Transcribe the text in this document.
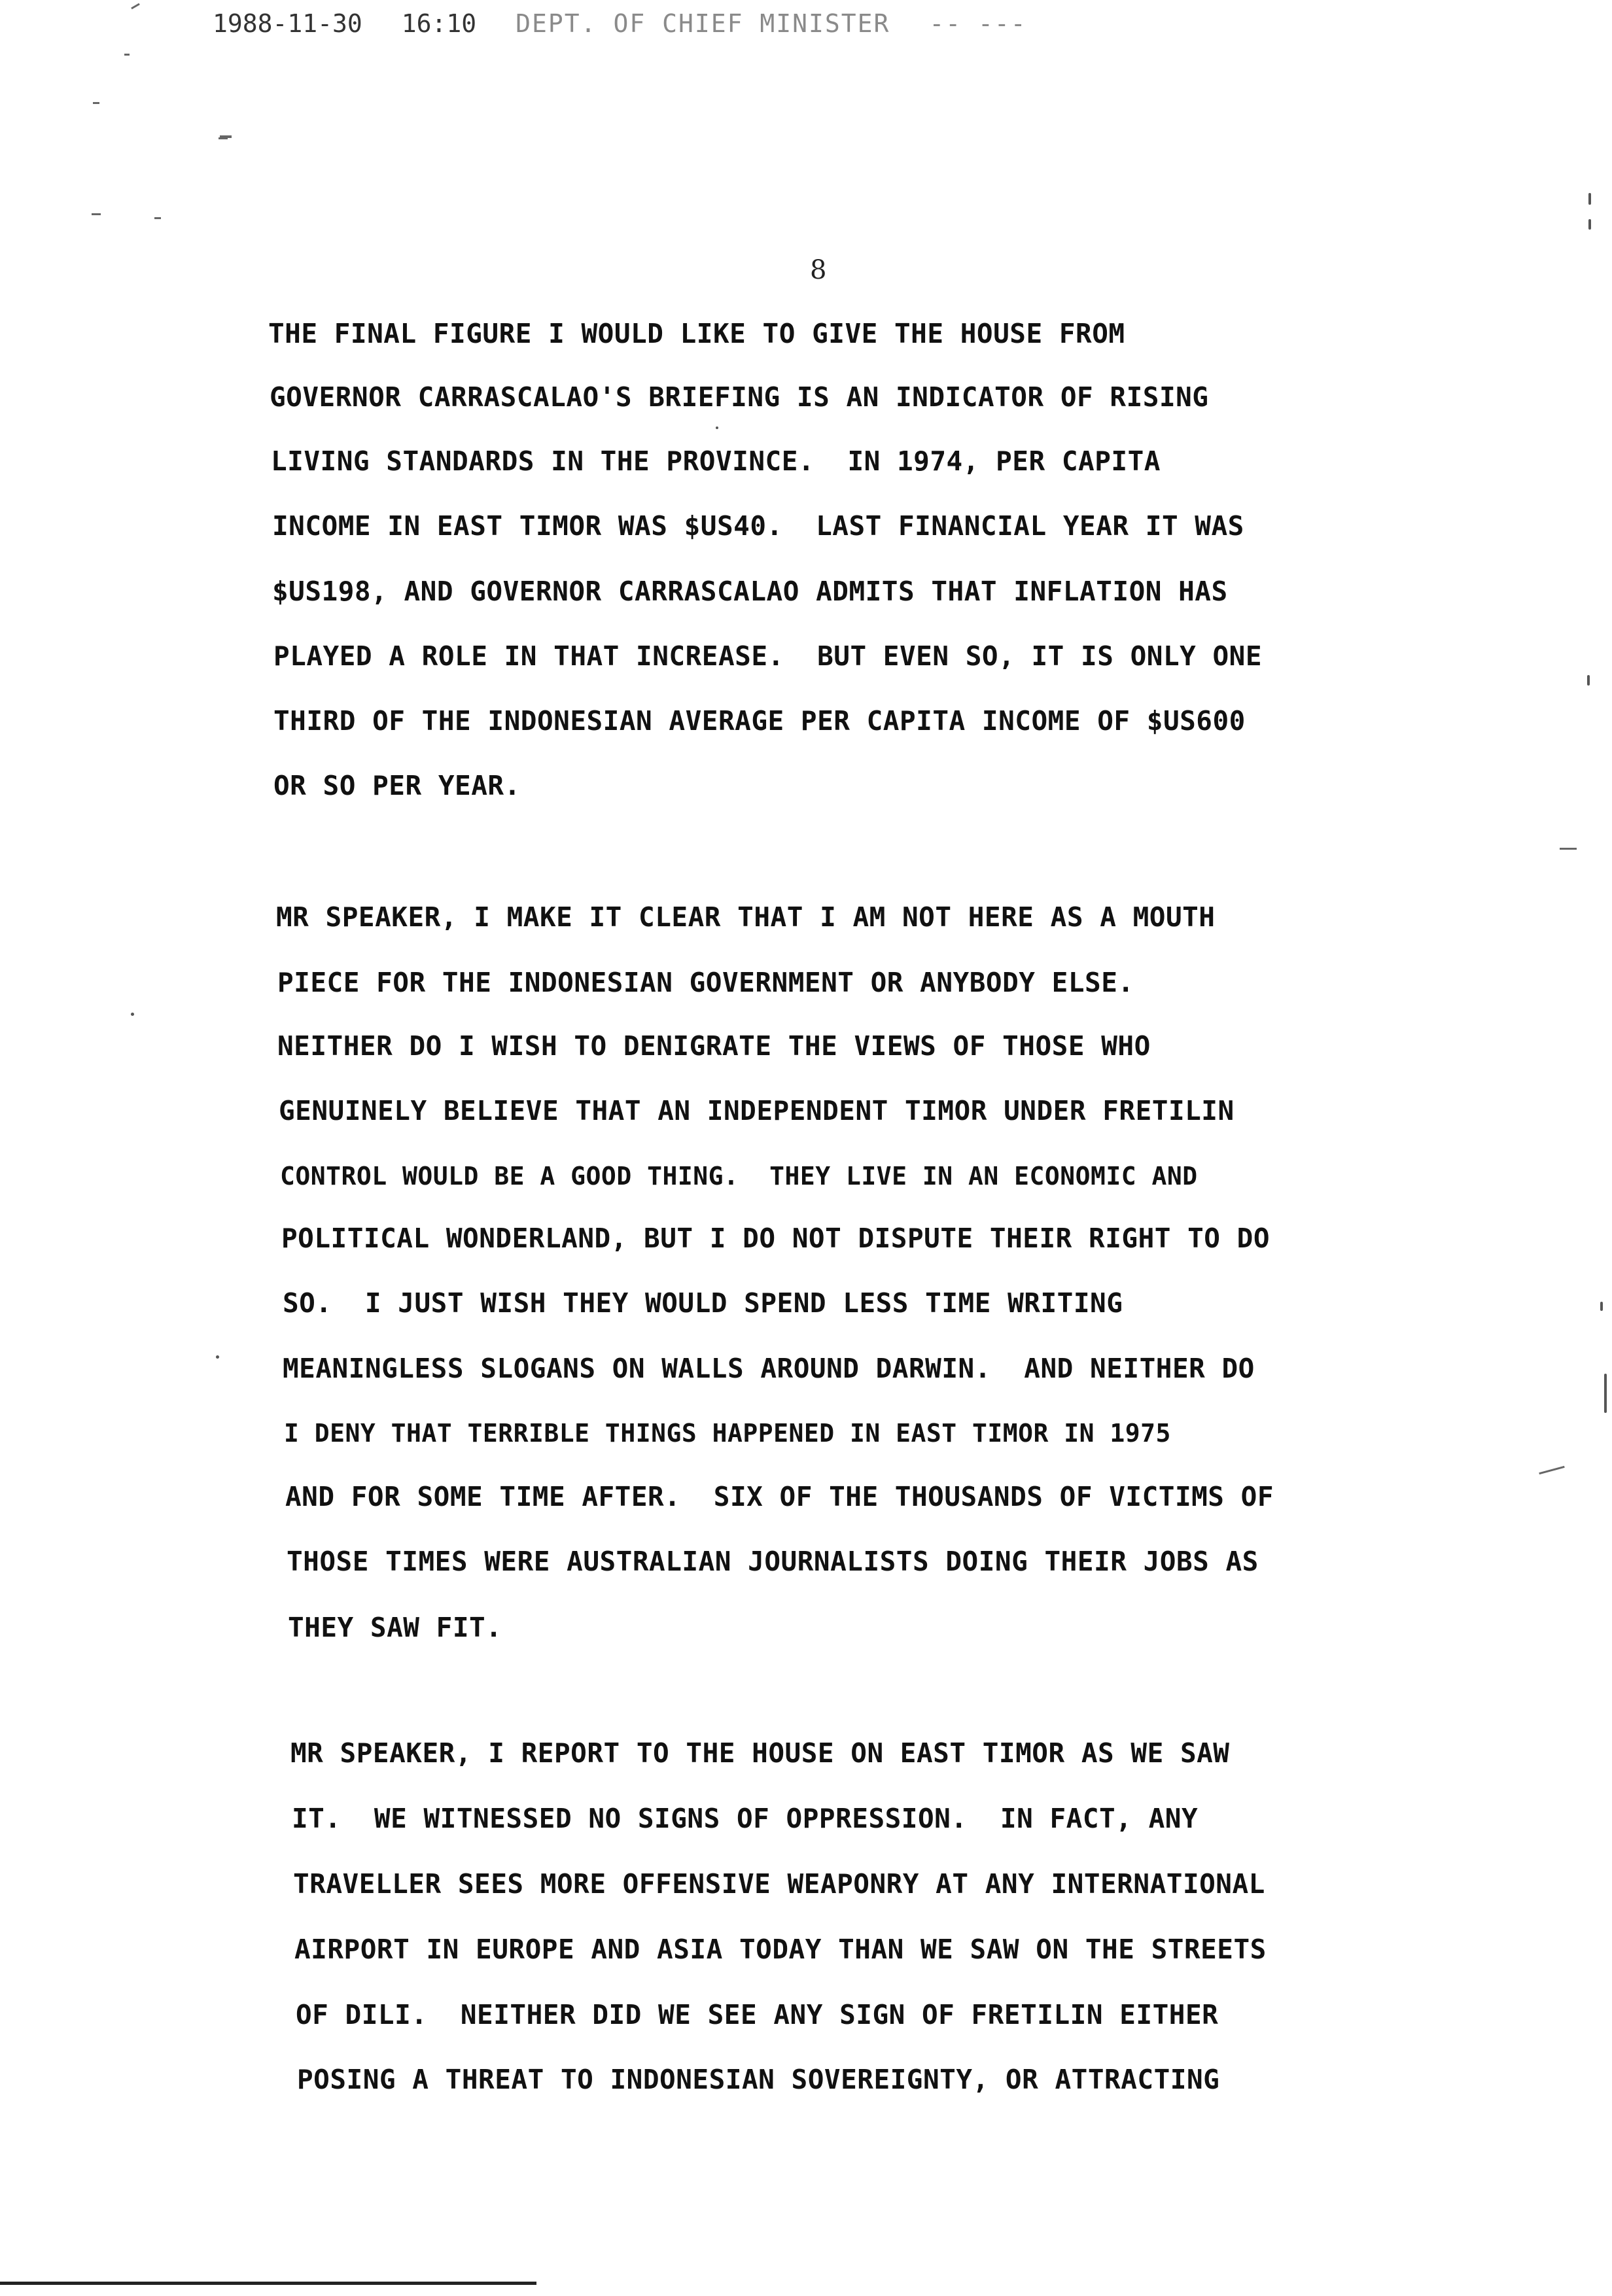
1988-11-30 16:10 DEPT. OF CHIEF MINISTER -- ---
8
THE FINAL FIGURE I WOULD LIKE TO GIVE THE HOUSE FROM
GOVERNOR CARRASCALAO'S BRIEFING IS AN INDICATOR OF RISING
LIVING STANDARDS IN THE PROVINCE.  IN 1974, PER CAPITA
INCOME IN EAST TIMOR WAS $US40.  LAST FINANCIAL YEAR IT WAS
$US198, AND GOVERNOR CARRASCALAO ADMITS THAT INFLATION HAS
PLAYED A ROLE IN THAT INCREASE.  BUT EVEN SO, IT IS ONLY ONE
THIRD OF THE INDONESIAN AVERAGE PER CAPITA INCOME OF $US600
OR SO PER YEAR.
MR SPEAKER, I MAKE IT CLEAR THAT I AM NOT HERE AS A MOUTH
PIECE FOR THE INDONESIAN GOVERNMENT OR ANYBODY ELSE.
NEITHER DO I WISH TO DENIGRATE THE VIEWS OF THOSE WHO
GENUINELY BELIEVE THAT AN INDEPENDENT TIMOR UNDER FRETILIN
CONTROL WOULD BE A GOOD THING.  THEY LIVE IN AN ECONOMIC AND
POLITICAL WONDERLAND, BUT I DO NOT DISPUTE THEIR RIGHT TO DO
SO.  I JUST WISH THEY WOULD SPEND LESS TIME WRITING
MEANINGLESS SLOGANS ON WALLS AROUND DARWIN.  AND NEITHER DO
I DENY THAT TERRIBLE THINGS HAPPENED IN EAST TIMOR IN 1975
AND FOR SOME TIME AFTER.  SIX OF THE THOUSANDS OF VICTIMS OF
THOSE TIMES WERE AUSTRALIAN JOURNALISTS DOING THEIR JOBS AS
THEY SAW FIT.
MR SPEAKER, I REPORT TO THE HOUSE ON EAST TIMOR AS WE SAW
IT.  WE WITNESSED NO SIGNS OF OPPRESSION.  IN FACT, ANY
TRAVELLER SEES MORE OFFENSIVE WEAPONRY AT ANY INTERNATIONAL
AIRPORT IN EUROPE AND ASIA TODAY THAN WE SAW ON THE STREETS
OF DILI.  NEITHER DID WE SEE ANY SIGN OF FRETILIN EITHER
POSING A THREAT TO INDONESIAN SOVEREIGNTY, OR ATTRACTING
